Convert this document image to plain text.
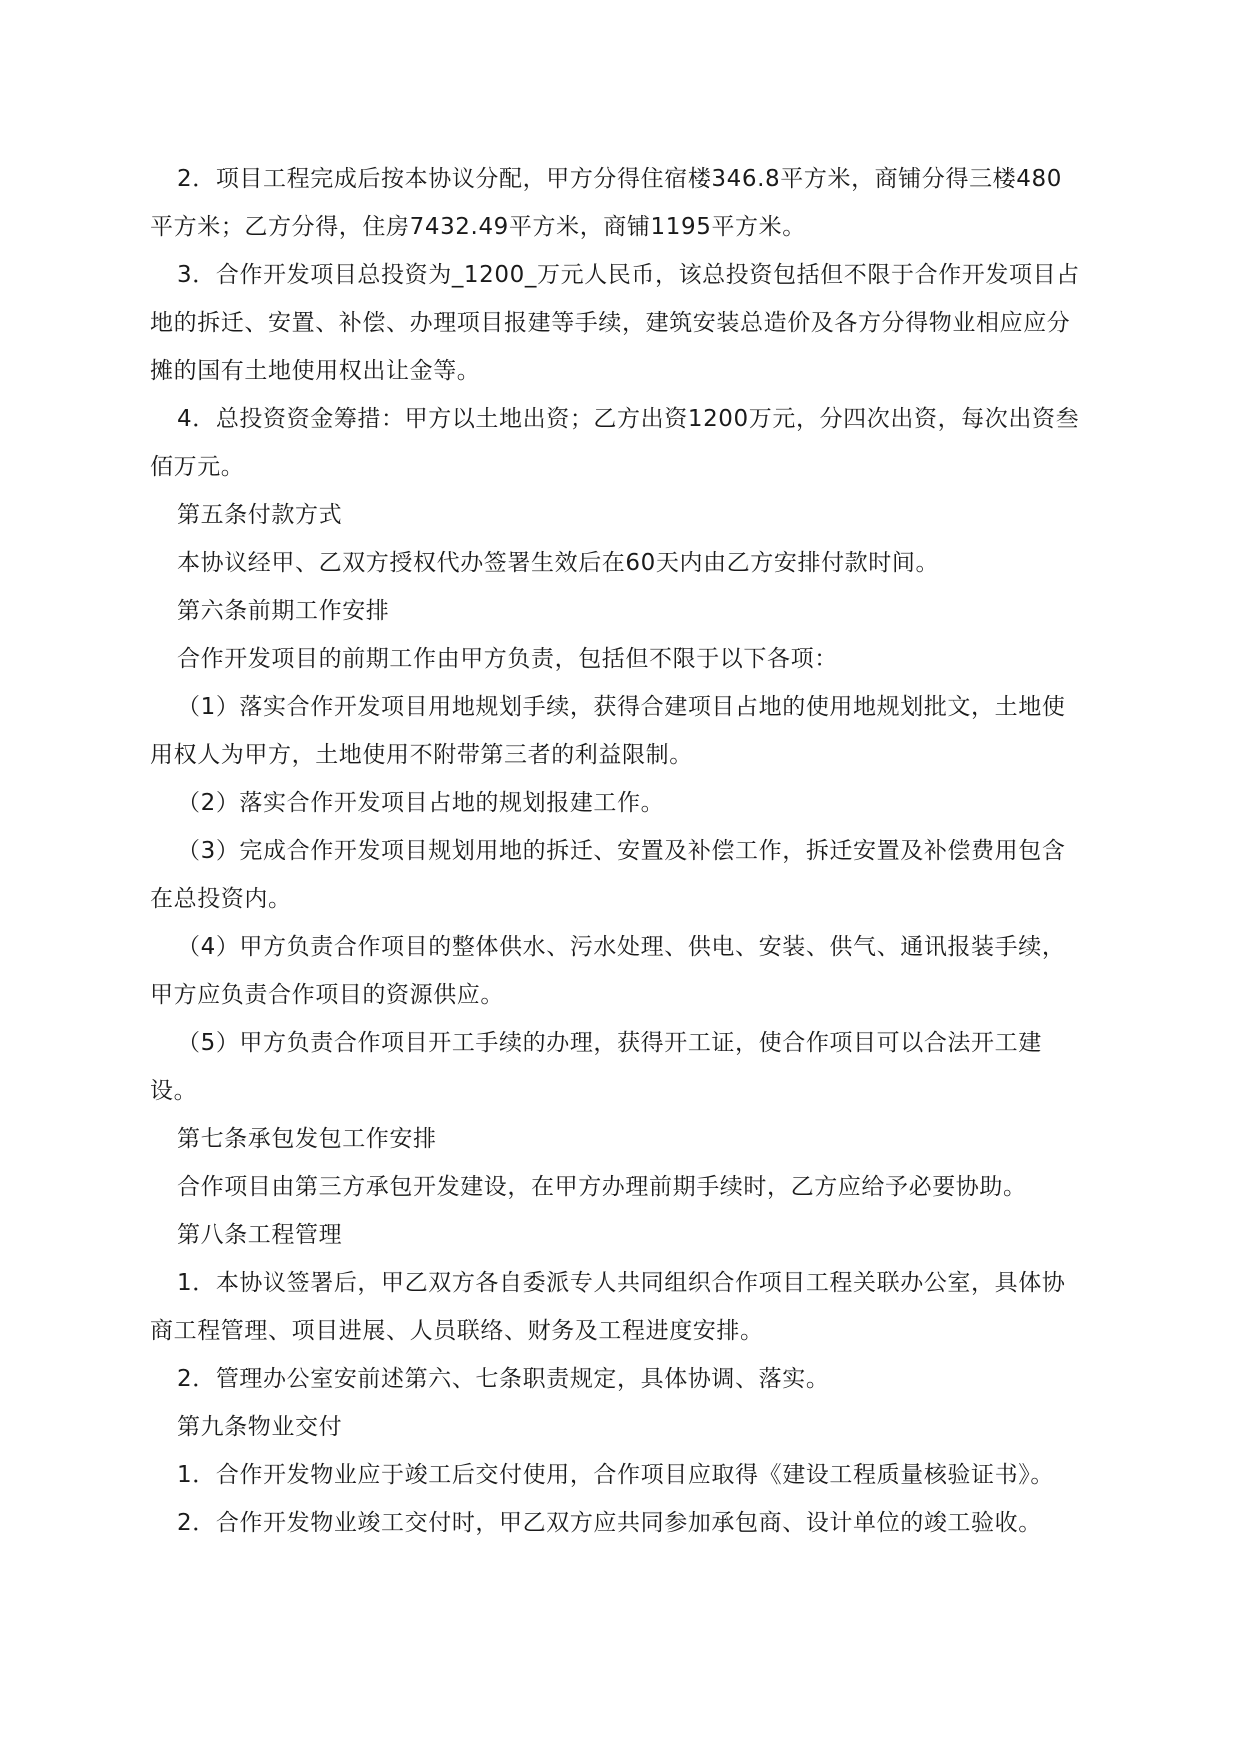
2．项目工程完成后按本协议分配，甲方分得住宿楼346.8平方米，商铺分得三楼480平方米；乙方分得，住房7432.49平方米，商铺1195平方米。

3．合作开发项目总投资为_1200_万元人民币，该总投资包括但不限于合作开发项目占地的拆迁、安置、补偿、办理项目报建等手续，建筑安装总造价及各方分得物业相应应分摊的国有土地使用权出让金等。

4．总投资资金筹措：甲方以土地出资；乙方出资1200万元，分四次出资，每次出资叁佰万元。

第五条付款方式

本协议经甲、乙双方授权代办签署生效后在60天内由乙方安排付款时间。

第六条前期工作安排

合作开发项目的前期工作由甲方负责，包括但不限于以下各项：

（1）落实合作开发项目用地规划手续，获得合建项目占地的使用地规划批文，土地使用权人为甲方，土地使用不附带第三者的利益限制。

（2）落实合作开发项目占地的规划报建工作。

（3）完成合作开发项目规划用地的拆迁、安置及补偿工作，拆迁安置及补偿费用包含在总投资内。

（4）甲方负责合作项目的整体供水、污水处理、供电、安装、供气、通讯报装手续，甲方应负责合作项目的资源供应。

（5）甲方负责合作项目开工手续的办理，获得开工证，使合作项目可以合法开工建设。

第七条承包发包工作安排

合作项目由第三方承包开发建设，在甲方办理前期手续时，乙方应给予必要协助。

第八条工程管理

1．本协议签署后，甲乙双方各自委派专人共同组织合作项目工程关联办公室，具体协商工程管理、项目进展、人员联络、财务及工程进度安排。

2．管理办公室安前述第六、七条职责规定，具体协调、落实。

第九条物业交付

1．合作开发物业应于竣工后交付使用，合作项目应取得《建设工程质量核验证书》。

2．合作开发物业竣工交付时，甲乙双方应共同参加承包商、设计单位的竣工验收。
